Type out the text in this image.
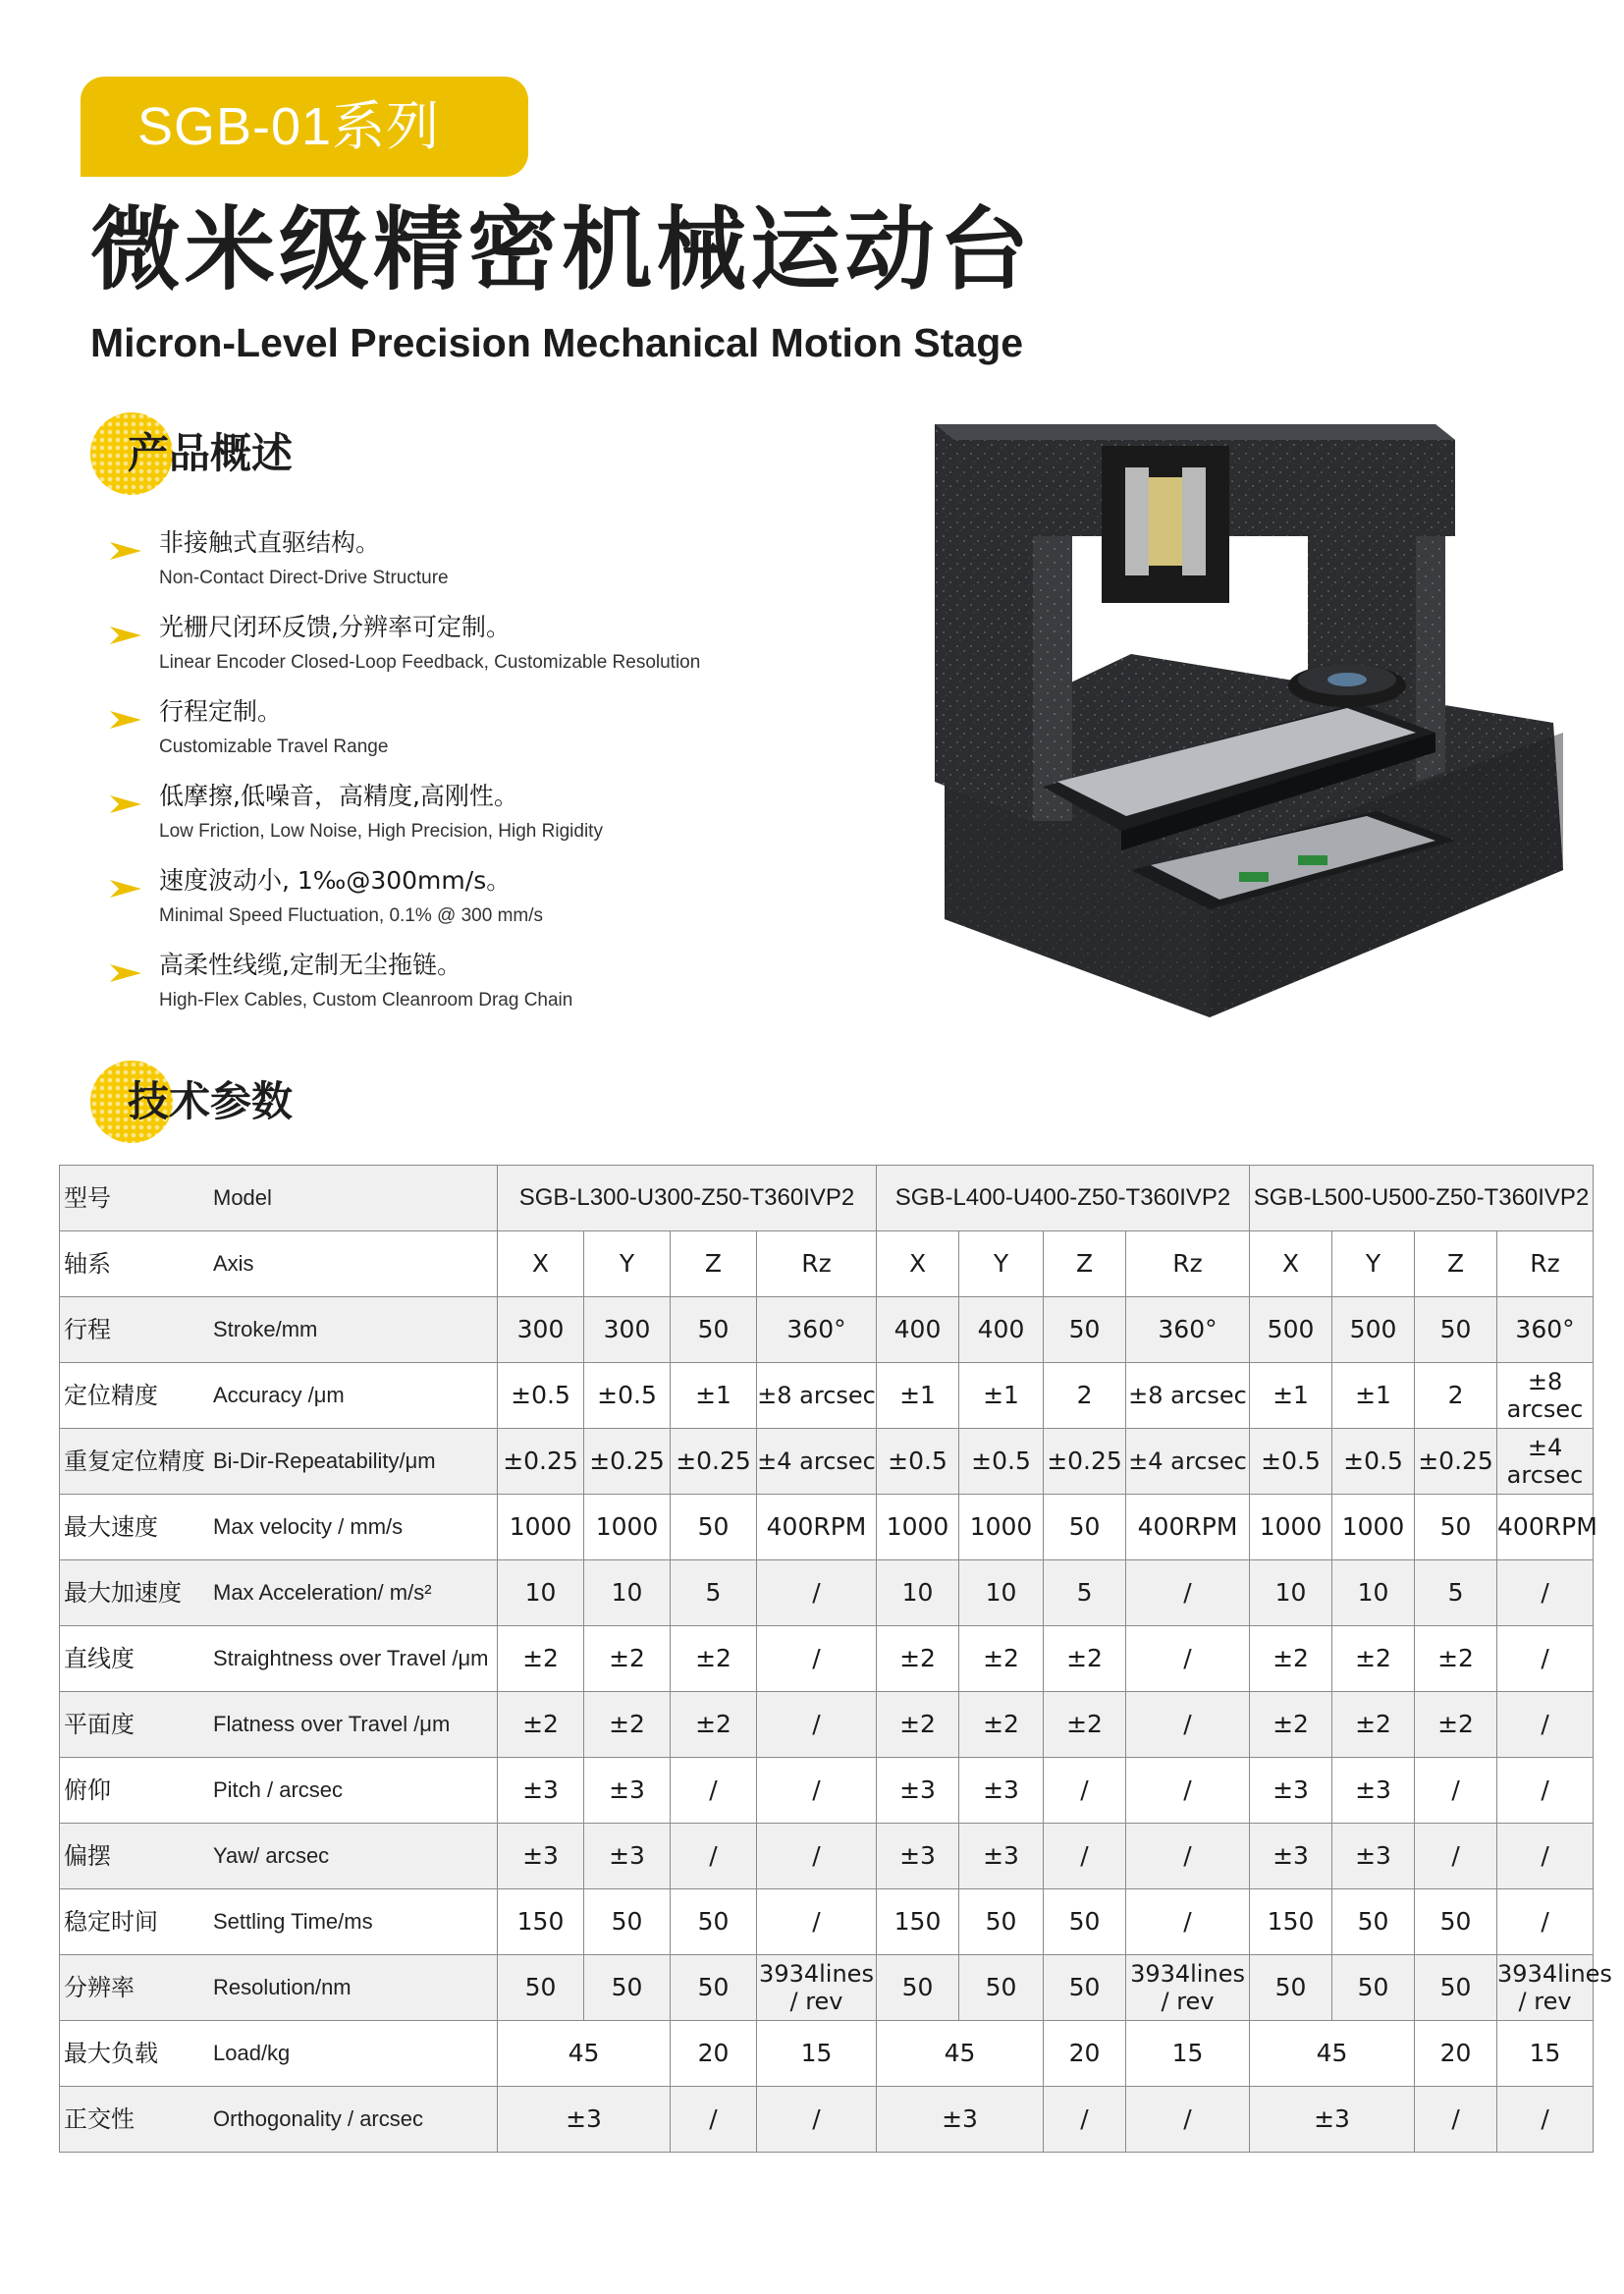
SGB-01系列
微米级精密机械运动台
Micron-Level Precision Mechanical Motion Stage
产品概述
非接触式直驱结构。
Non-Contact Direct-Drive Structure
光栅尺闭环反馈,分辨率可定制。
Linear Encoder Closed-Loop Feedback, Customizable Resolution
行程定制。
Customizable Travel Range
低摩擦,低噪音，高精度,高刚性。
Low Friction, Low Noise, High Precision, High Rigidity
速度波动小, 1‰@300mm/s。
Minimal Speed Fluctuation, 0.1% @ 300 mm/s
高柔性线缆,定制无尘拖链。
High-Flex Cables, Custom Cleanroom Drag Chain
技术参数
型号 Model	SGB-L300-U300-Z50-T360IVP2				SGB-L400-U400-Z50-T360IVP2				SGB-L500-U500-Z50-T360IVP2			

轴系 Axis	X	Y	Z	Rz	X	Y	Z	Rz	X	Y	Z	Rz

行程 Stroke/mm	300	300	50	360°	400	400	50	360°	500	500	50	360°

定位精度 Accuracy /μm	±0.5	±0.5	±1	±8 arcsec	±1	±1	2	±8 arcsec	±1	±1	2	±8 arcsec

重复定位精度 Bi-Dir-Repeatability/μm	±0.25	±0.25	±0.25	±4 arcsec	±0.5	±0.5	±0.25	±4 arcsec	±0.5	±0.5	±0.25	±4 arcsec

最大速度 Max velocity / mm/s	1000	1000	50	400RPM	1000	1000	50	400RPM	1000	1000	50	400RPM

最大加速度 Max Acceleration/ m/s²	10	10	5	/	10	10	5	/	10	10	5	/

直线度 Straightness over Travel /μm	±2	±2	±2	/	±2	±2	±2	/	±2	±2	±2	/

平面度 Flatness over Travel /μm	±2	±2	±2	/	±2	±2	±2	/	±2	±2	±2	/

俯仰 Pitch / arcsec	±3	±3	/	/	±3	±3	/	/	±3	±3	/	/

偏摆 Yaw/ arcsec	±3	±3	/	/	±3	±3	/	/	±3	±3	/	/

稳定时间 Settling Time/ms	150	50	50	/	150	50	50	/	150	50	50	/

分辨率 Resolution/nm	50	50	50	3934lines / rev	50	50	50	3934lines / rev	50	50	50	3934lines / rev

最大负载 Load/kg	45		20	15	45		20	15	45		20	15

正交性 Orthogonality / arcsec	±3		/	/	±3		/	/	±3		/	/
